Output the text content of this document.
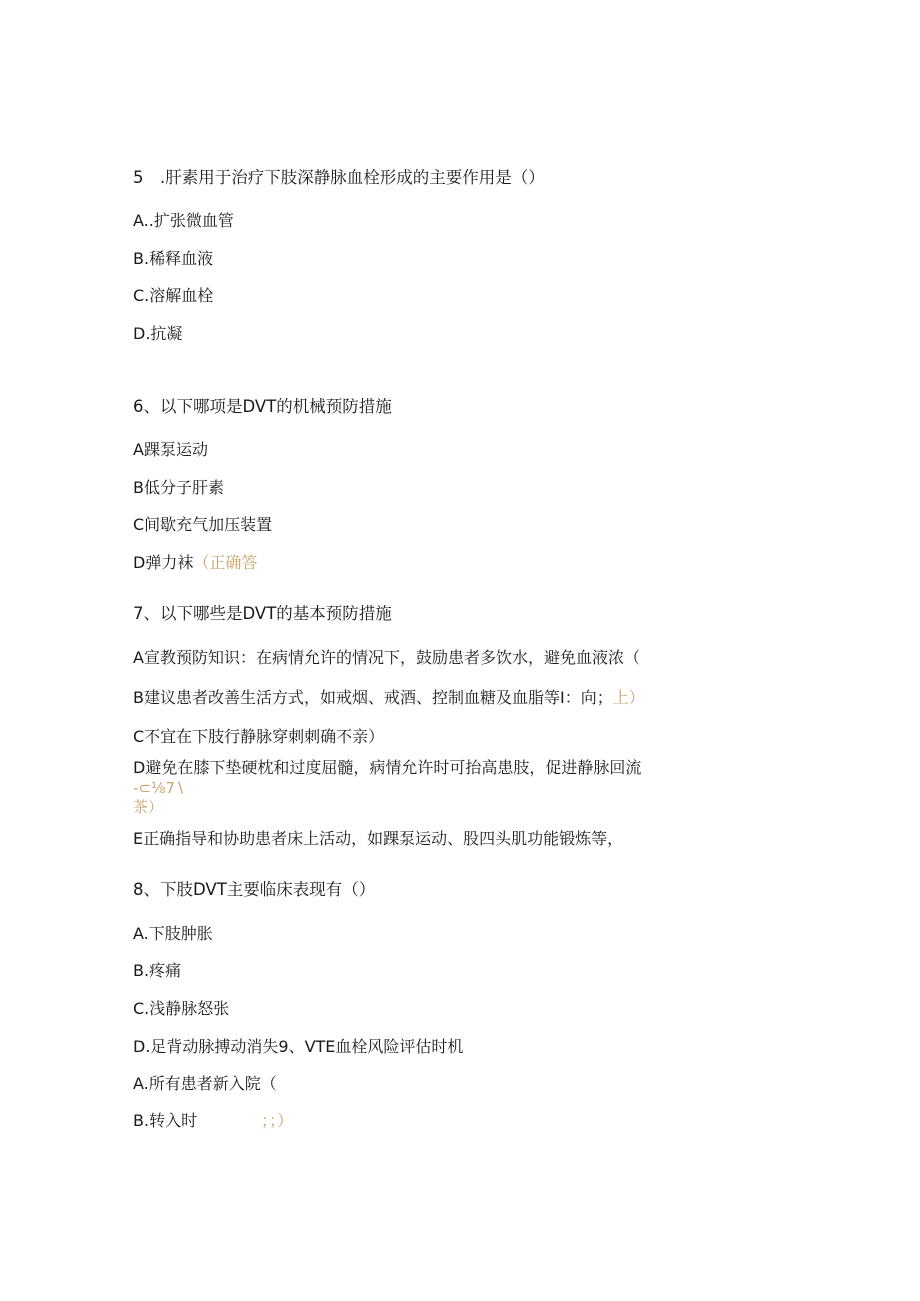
5　.肝素用于治疗下肢深静脉血栓形成的主要作用是（）
A..扩张微血管
B.稀释血液
C.溶解血栓
D.抗凝
6、以下哪项是DVT的机械预防措施
A踝泵运动
B低分子肝素
C间歇充气加压装置
D弹力袜（正确答
7、以下哪些是DVT的基本预防措施
A宣教预防知识：在病情允许的情况下，鼓励患者多饮水，避免血液浓（
B建议患者改善生活方式，如戒烟、戒酒、控制血糖及血脂等I：向；上）
C不宜在下肢行静脉穿刺刺确不亲）
D避免在膝下垫硬枕和过度屈髓，病情允许时可抬高患肢，促进静脉回流
-⊂⅛7∖
茶）
E正确指导和协助患者床上活动，如踝泵运动、股四头肌功能锻炼等，
8、下肢DVT主要临床表现有（）
A.下肢肿胀
B.疼痛
C.浅静脉怒张
D.足背动脉搏动消失9、VTE血栓风险评估时机
A.所有患者新入院（
B.转入时	；；）
